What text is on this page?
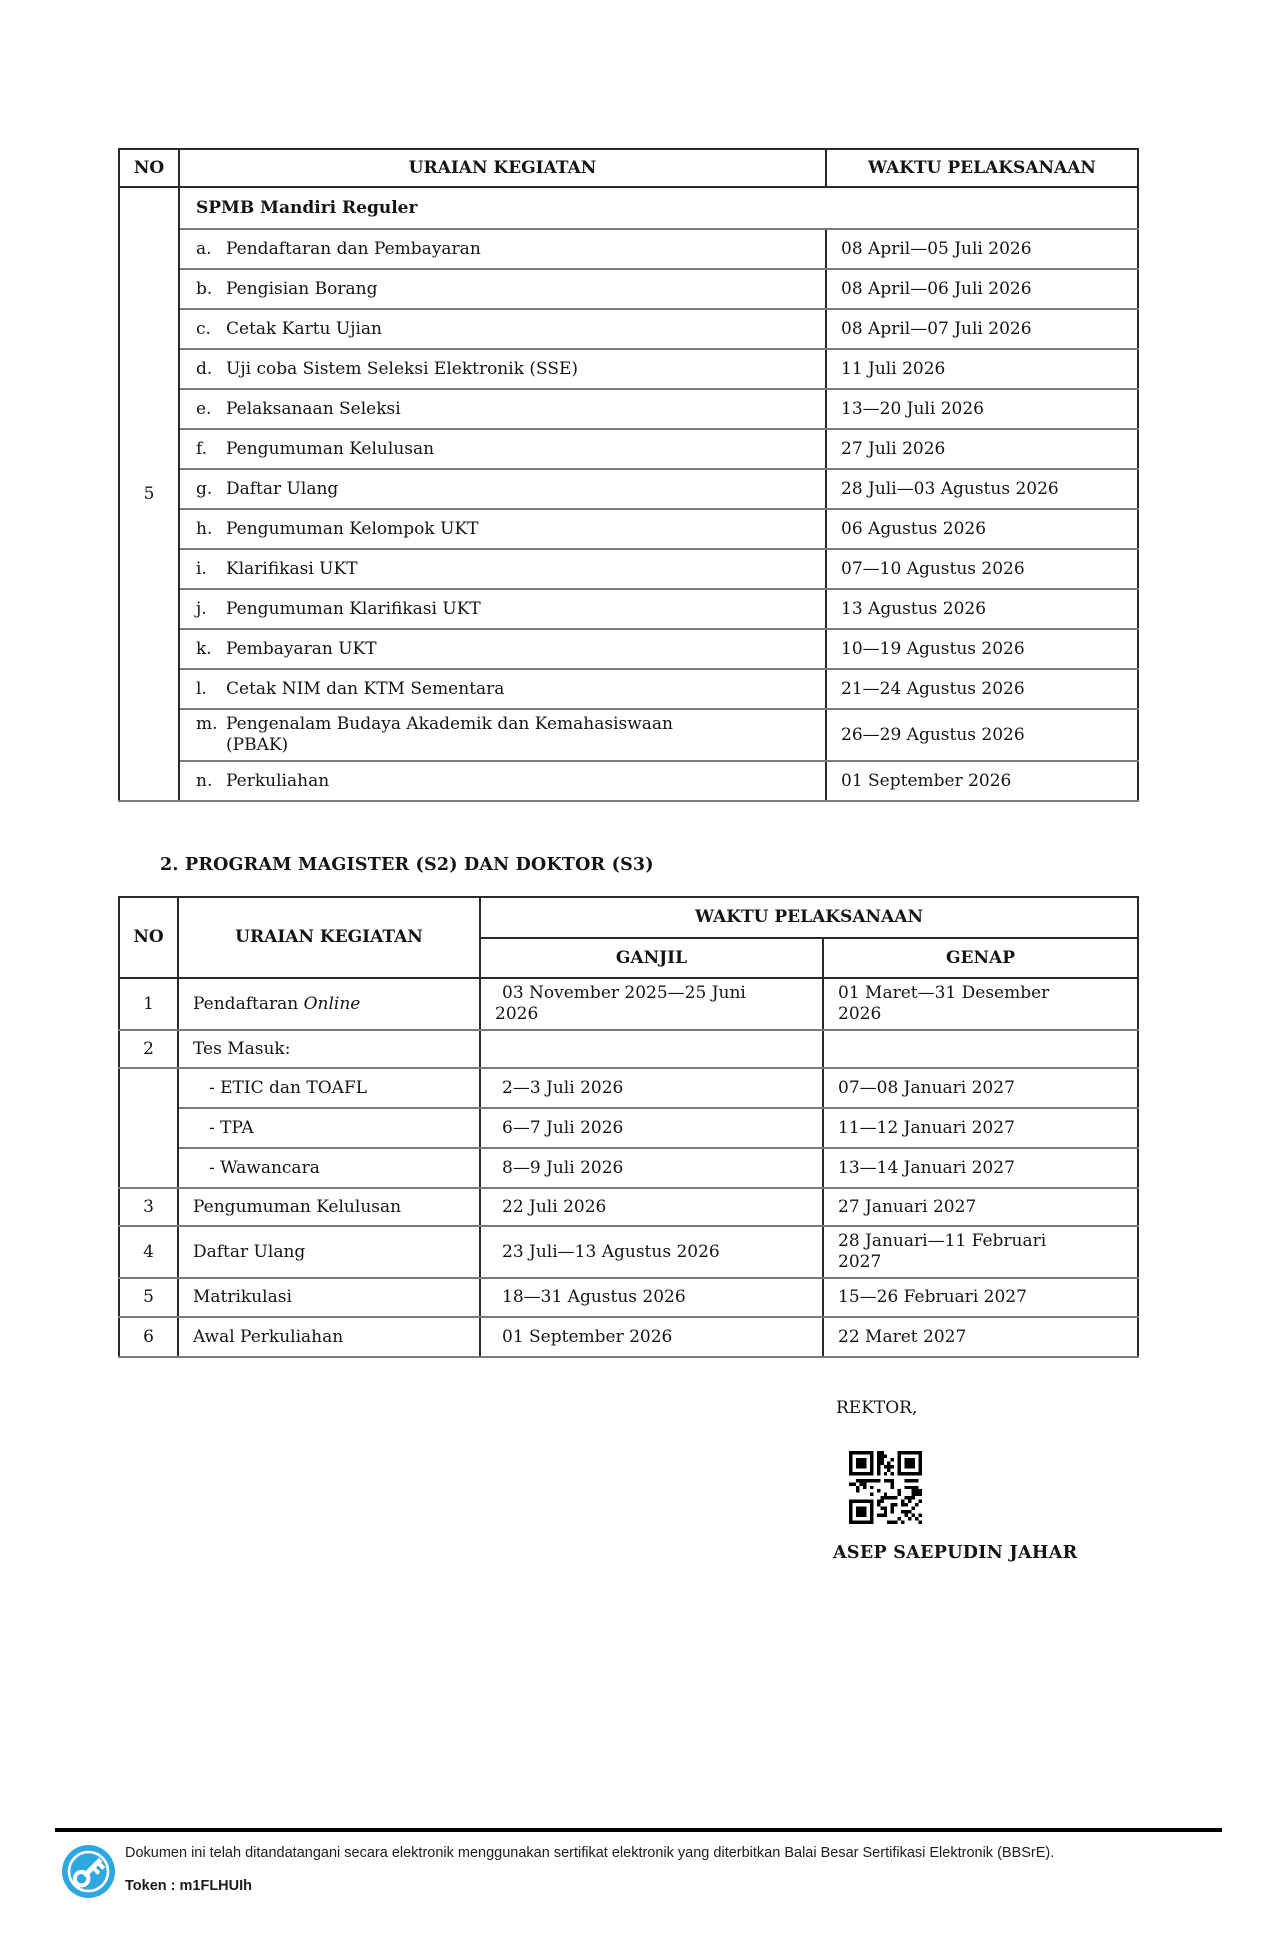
NO	URAIAN KEGIATAN	WAKTU PELAKSANAAN
5	SPMB Mandiri Reguler	

	a. Pendaftaran dan Pembayaran	08 April—05 Juli 2026

	b. Pengisian Borang	08 April—06 Juli 2026

	c. Cetak Kartu Ujian	08 April—07 Juli 2026

	d. Uji coba Sistem Seleksi Elektronik (SSE)	11 Juli 2026

	e. Pelaksanaan Seleksi	13—20 Juli 2026

	f. Pengumuman Kelulusan	27 Juli 2026

	g. Daftar Ulang	28 Juli—03 Agustus 2026

	h. Pengumuman Kelompok UKT	06 Agustus 2026

	i. Klarifikasi UKT	07—10 Agustus 2026

	j. Pengumuman Klarifikasi UKT	13 Agustus 2026

	k. Pembayaran UKT	10—19 Agustus 2026

	l. Cetak NIM dan KTM Sementara	21—24 Agustus 2026

	m. Pengenalam Budaya Akademik dan Kemahasiswaan (PBAK)	26—29 Agustus 2026

	n. Perkuliahan	01 September 2026
2. PROGRAM MAGISTER (S2) DAN DOKTOR (S3)
NO	URAIAN KEGIATAN	WAKTU PELAKSANAAN	
		GANJIL	GENAP
1	Pendaftaran Online	03 November 2025—25 Juni 2026	01 Maret—31 Desember 2026
2	Tes Masuk:		
	- ETIC dan TOAFL	2—3 Juli 2026	07—08 Januari 2027
	- TPA	6—7 Juli 2026	11—12 Januari 2027
	- Wawancara	8—9 Juli 2026	13—14 Januari 2027
3	Pengumuman Kelulusan	22 Juli 2026	27 Januari 2027
4	Daftar Ulang	23 Juli—13 Agustus 2026	28 Januari—11 Februari 2027
5	Matrikulasi	18—31 Agustus 2026	15—26 Februari 2027
6	Awal Perkuliahan	01 September 2026	22 Maret 2027
REKTOR,
ASEP SAEPUDIN JAHAR
Dokumen ini telah ditandatangani secara elektronik menggunakan sertifikat elektronik yang diterbitkan Balai Besar Sertifikasi Elektronik (BBSrE).
Token : m1FLHUIh
